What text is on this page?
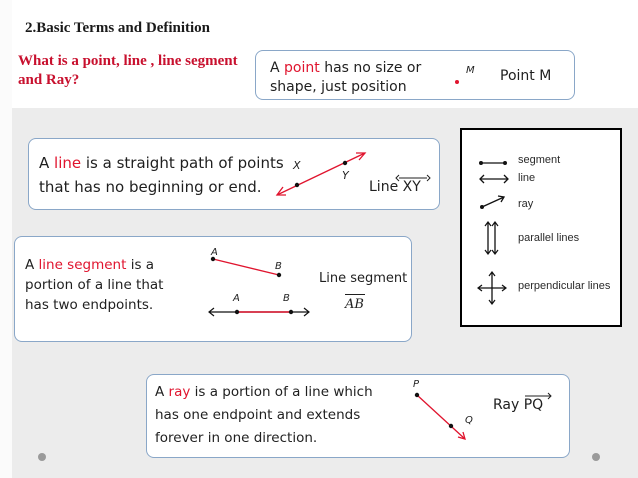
2.Basic Terms and Definition
What is a point, line , line segment and Ray?
A point has no size or
shape, just position
M Point M
A line is a straight path of points
that has no beginning or end.
X
Y
Line XY
segment
line
ray
parallel lines
perpendicular lines
A line segment is a
portion of a line that
has two endpoints.
A
B
A	B
Line segment
AB
A ray is a portion of a line which
has one endpoint and extends
forever in one direction.
P
Q
Ray PQ
